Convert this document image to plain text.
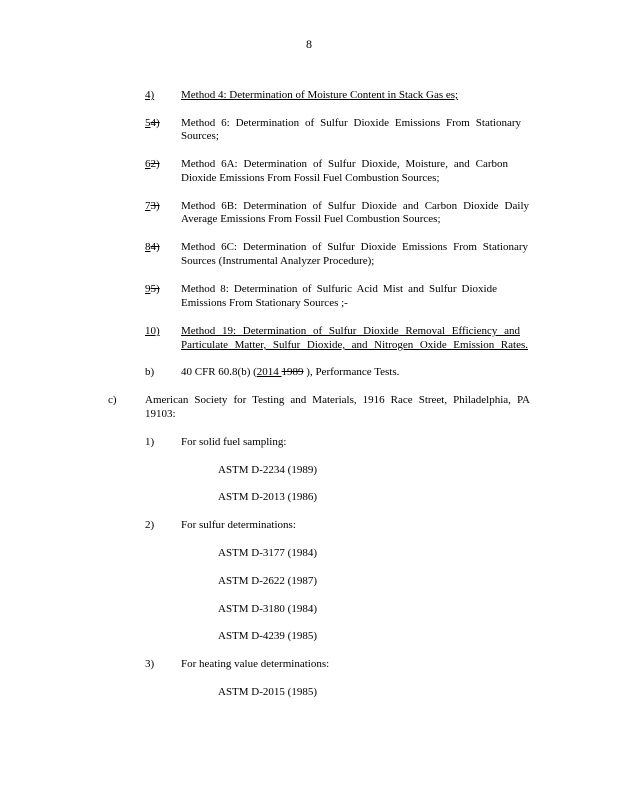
8
4) Method 4: Determination of Moisture Content in Stack Gas es;
54) Method 6: Determination of Sulfur Dioxide Emissions From Stationary
Sources;
62) Method 6A: Determination of Sulfur Dioxide, Moisture, and Carbon
Dioxide Emissions From Fossil Fuel Combustion Sources;
73) Method 6B: Determination of Sulfur Dioxide and Carbon Dioxide Daily
Average Emissions From Fossil Fuel Combustion Sources;
84) Method 6C: Determination of Sulfur Dioxide Emissions From Stationary
Sources (Instrumental Analyzer Procedure);
95) Method 8: Determination of Sulfuric Acid Mist and Sulfur Dioxide
Emissions From Stationary Sources ;-
10) Method 19: Determination of Sulfur Dioxide Removal Efficiency and
Particulate Matter, Sulfur Dioxide, and Nitrogen Oxide Emission Rates.
b) 40 CFR 60.8(b) (2014 1989 ), Performance Tests.
c)	American Society for Testing and Materials, 1916 Race Street, Philadelphia, PA
19103:
1) For solid fuel sampling:
ASTM D-2234 (1989)
ASTM D-2013 (1986)
2) For sulfur determinations:
ASTM D-3177 (1984)
ASTM D-2622 (1987)
ASTM D-3180 (1984)
ASTM D-4239 (1985)
3) For heating value determinations:
ASTM D-2015 (1985)
